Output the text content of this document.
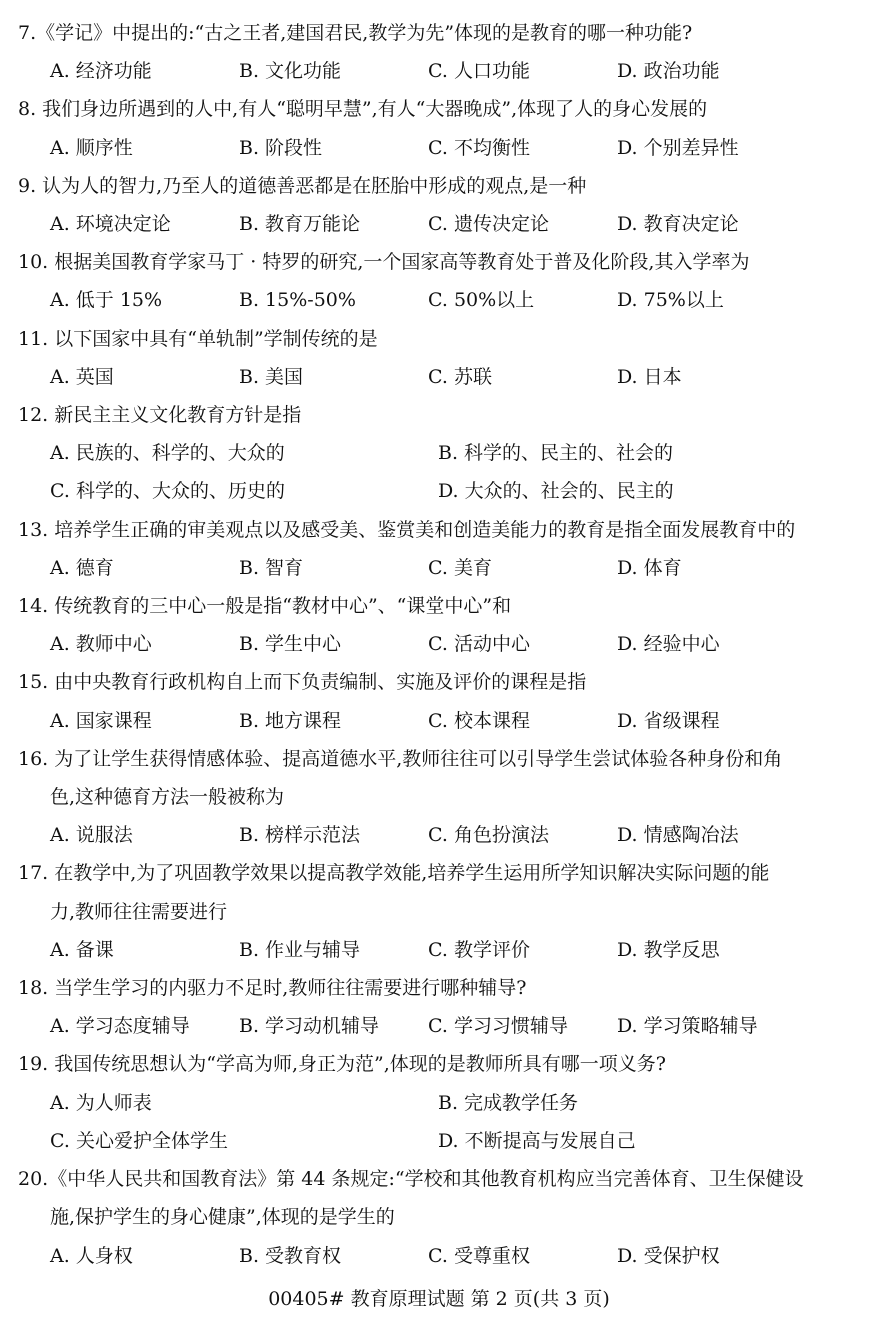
7.《学记》中提出的:“古之王者,建国君民,教学为先”体现的是教育的哪一种功能?
A. 经济功能	B. 文化功能	C. 人口功能	D. 政治功能
8. 我们身边所遇到的人中,有人“聪明早慧”,有人“大器晚成”,体现了人的身心发展的
A. 顺序性	B. 阶段性	C. 不均衡性	D. 个别差异性
9. 认为人的智力,乃至人的道德善恶都是在胚胎中形成的观点,是一种
A. 环境决定论	B. 教育万能论	C. 遗传决定论	D. 教育决定论
10. 根据美国教育学家马丁 · 特罗的研究,一个国家高等教育处于普及化阶段,其入学率为
A. 低于 15%	B. 15%-50%	C. 50%以上	D. 75%以上
11. 以下国家中具有“单轨制”学制传统的是
A. 英国	B. 美国	C. 苏联	D. 日本
12. 新民主主义文化教育方针是指
A. 民族的、科学的、大众的	B. 科学的、民主的、社会的
C. 科学的、大众的、历史的	D. 大众的、社会的、民主的
13. 培养学生正确的审美观点以及感受美、鉴赏美和创造美能力的教育是指全面发展教育中的
A. 德育	B. 智育	C. 美育	D. 体育
14. 传统教育的三中心一般是指“教材中心”、“课堂中心”和
A. 教师中心	B. 学生中心	C. 活动中心	D. 经验中心
15. 由中央教育行政机构自上而下负责编制、实施及评价的课程是指
A. 国家课程	B. 地方课程	C. 校本课程	D. 省级课程
16. 为了让学生获得情感体验、提高道德水平,教师往往可以引导学生尝试体验各种身份和角
色,这种德育方法一般被称为
A. 说服法	B. 榜样示范法	C. 角色扮演法	D. 情感陶冶法
17. 在教学中,为了巩固教学效果以提高教学效能,培养学生运用所学知识解决实际问题的能
力,教师往往需要进行
A. 备课	B. 作业与辅导	C. 教学评价	D. 教学反思
18. 当学生学习的内驱力不足时,教师往往需要进行哪种辅导?
A. 学习态度辅导	B. 学习动机辅导	C. 学习习惯辅导	D. 学习策略辅导
19. 我国传统思想认为“学高为师,身正为范”,体现的是教师所具有哪一项义务?
A. 为人师表	B. 完成教学任务
C. 关心爱护全体学生	D. 不断提高与发展自己
20.《中华人民共和国教育法》第 44 条规定:“学校和其他教育机构应当完善体育、卫生保健设
施,保护学生的身心健康”,体现的是学生的
A. 人身权	B. 受教育权	C. 受尊重权	D. 受保护权
00405# 教育原理试题 第 2 页(共 3 页)
